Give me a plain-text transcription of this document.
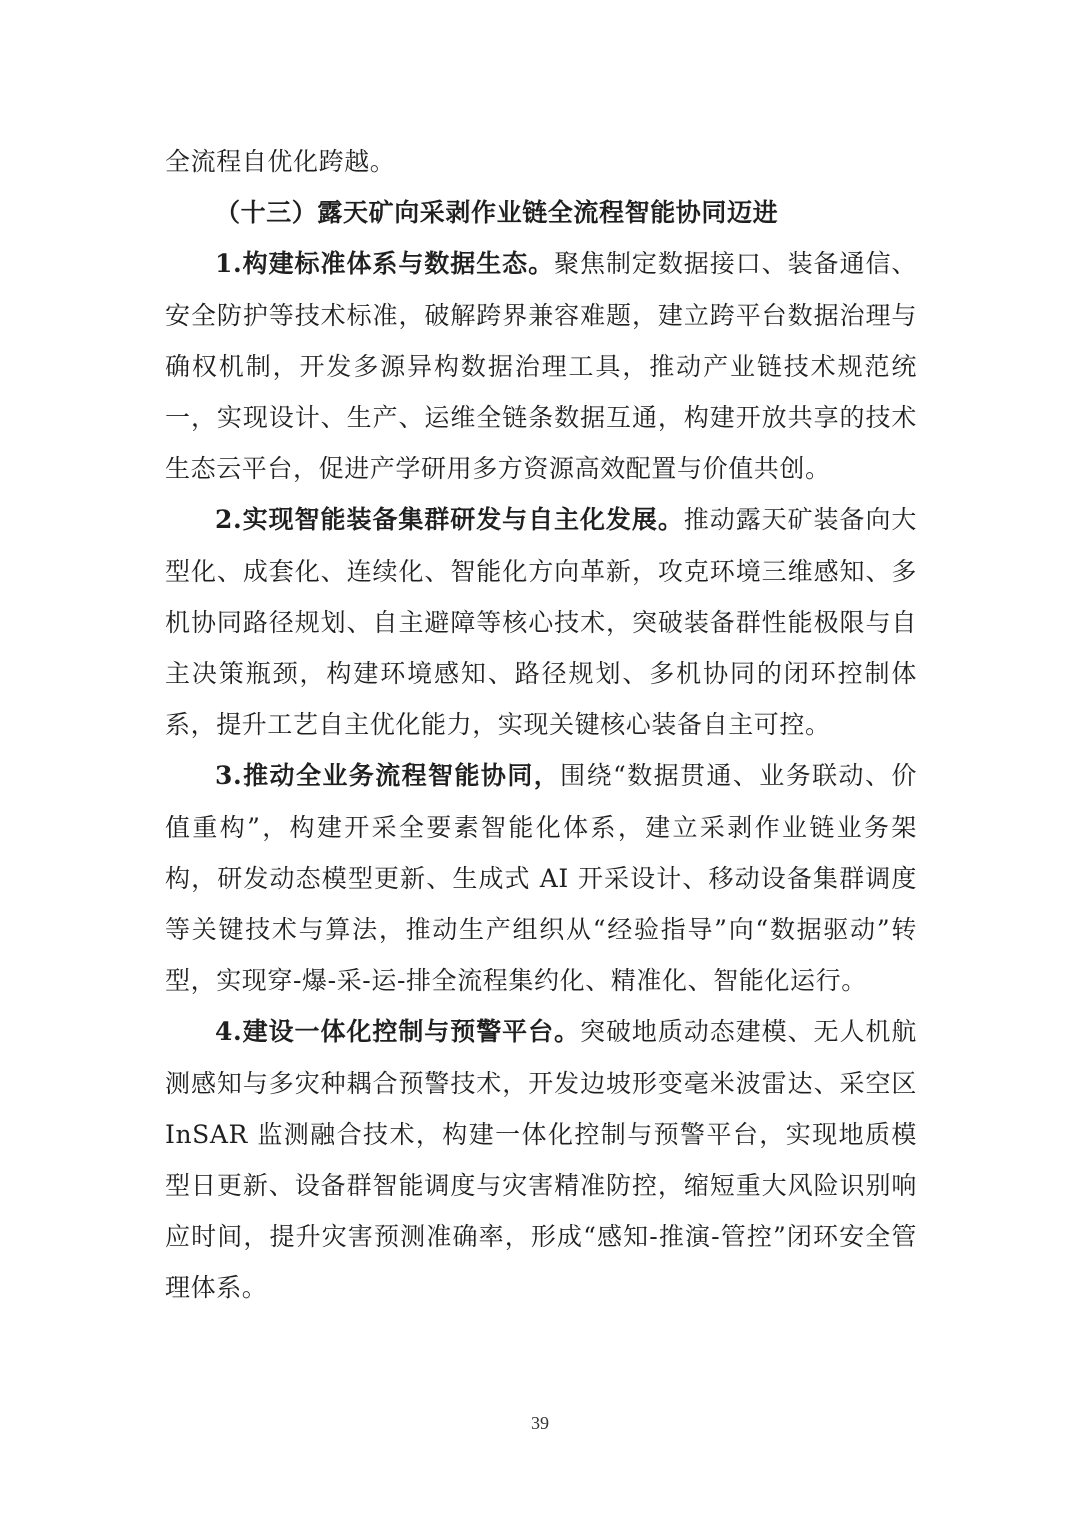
全流程自优化跨越。

（十三）露天矿向采剥作业链全流程智能协同迈进

1.构建标准体系与数据生态。聚焦制定数据接口、装备通信、安全防护等技术标准，破解跨界兼容难题，建立跨平台数据治理与确权机制，开发多源异构数据治理工具，推动产业链技术规范统一，实现设计、生产、运维全链条数据互通，构建开放共享的技术生态云平台，促进产学研用多方资源高效配置与价值共创。

2.实现智能装备集群研发与自主化发展。推动露天矿装备向大型化、成套化、连续化、智能化方向革新，攻克环境三维感知、多机协同路径规划、自主避障等核心技术，突破装备群性能极限与自主决策瓶颈，构建环境感知、路径规划、多机协同的闭环控制体系，提升工艺自主优化能力，实现关键核心装备自主可控。

3.推动全业务流程智能协同，围绕“数据贯通、业务联动、价值重构”，构建开采全要素智能化体系，建立采剥作业链业务架构，研发动态模型更新、生成式 AI 开采设计、移动设备集群调度等关键技术与算法，推动生产组织从“经验指导”向“数据驱动”转型，实现穿-爆-采-运-排全流程集约化、精准化、智能化运行。

4.建设一体化控制与预警平台。突破地质动态建模、无人机航测感知与多灾种耦合预警技术，开发边坡形变毫米波雷达、采空区 InSAR 监测融合技术，构建一体化控制与预警平台，实现地质模型日更新、设备群智能调度与灾害精准防控，缩短重大风险识别响应时间，提升灾害预测准确率，形成“感知-推演-管控”闭环安全管理体系。

39
